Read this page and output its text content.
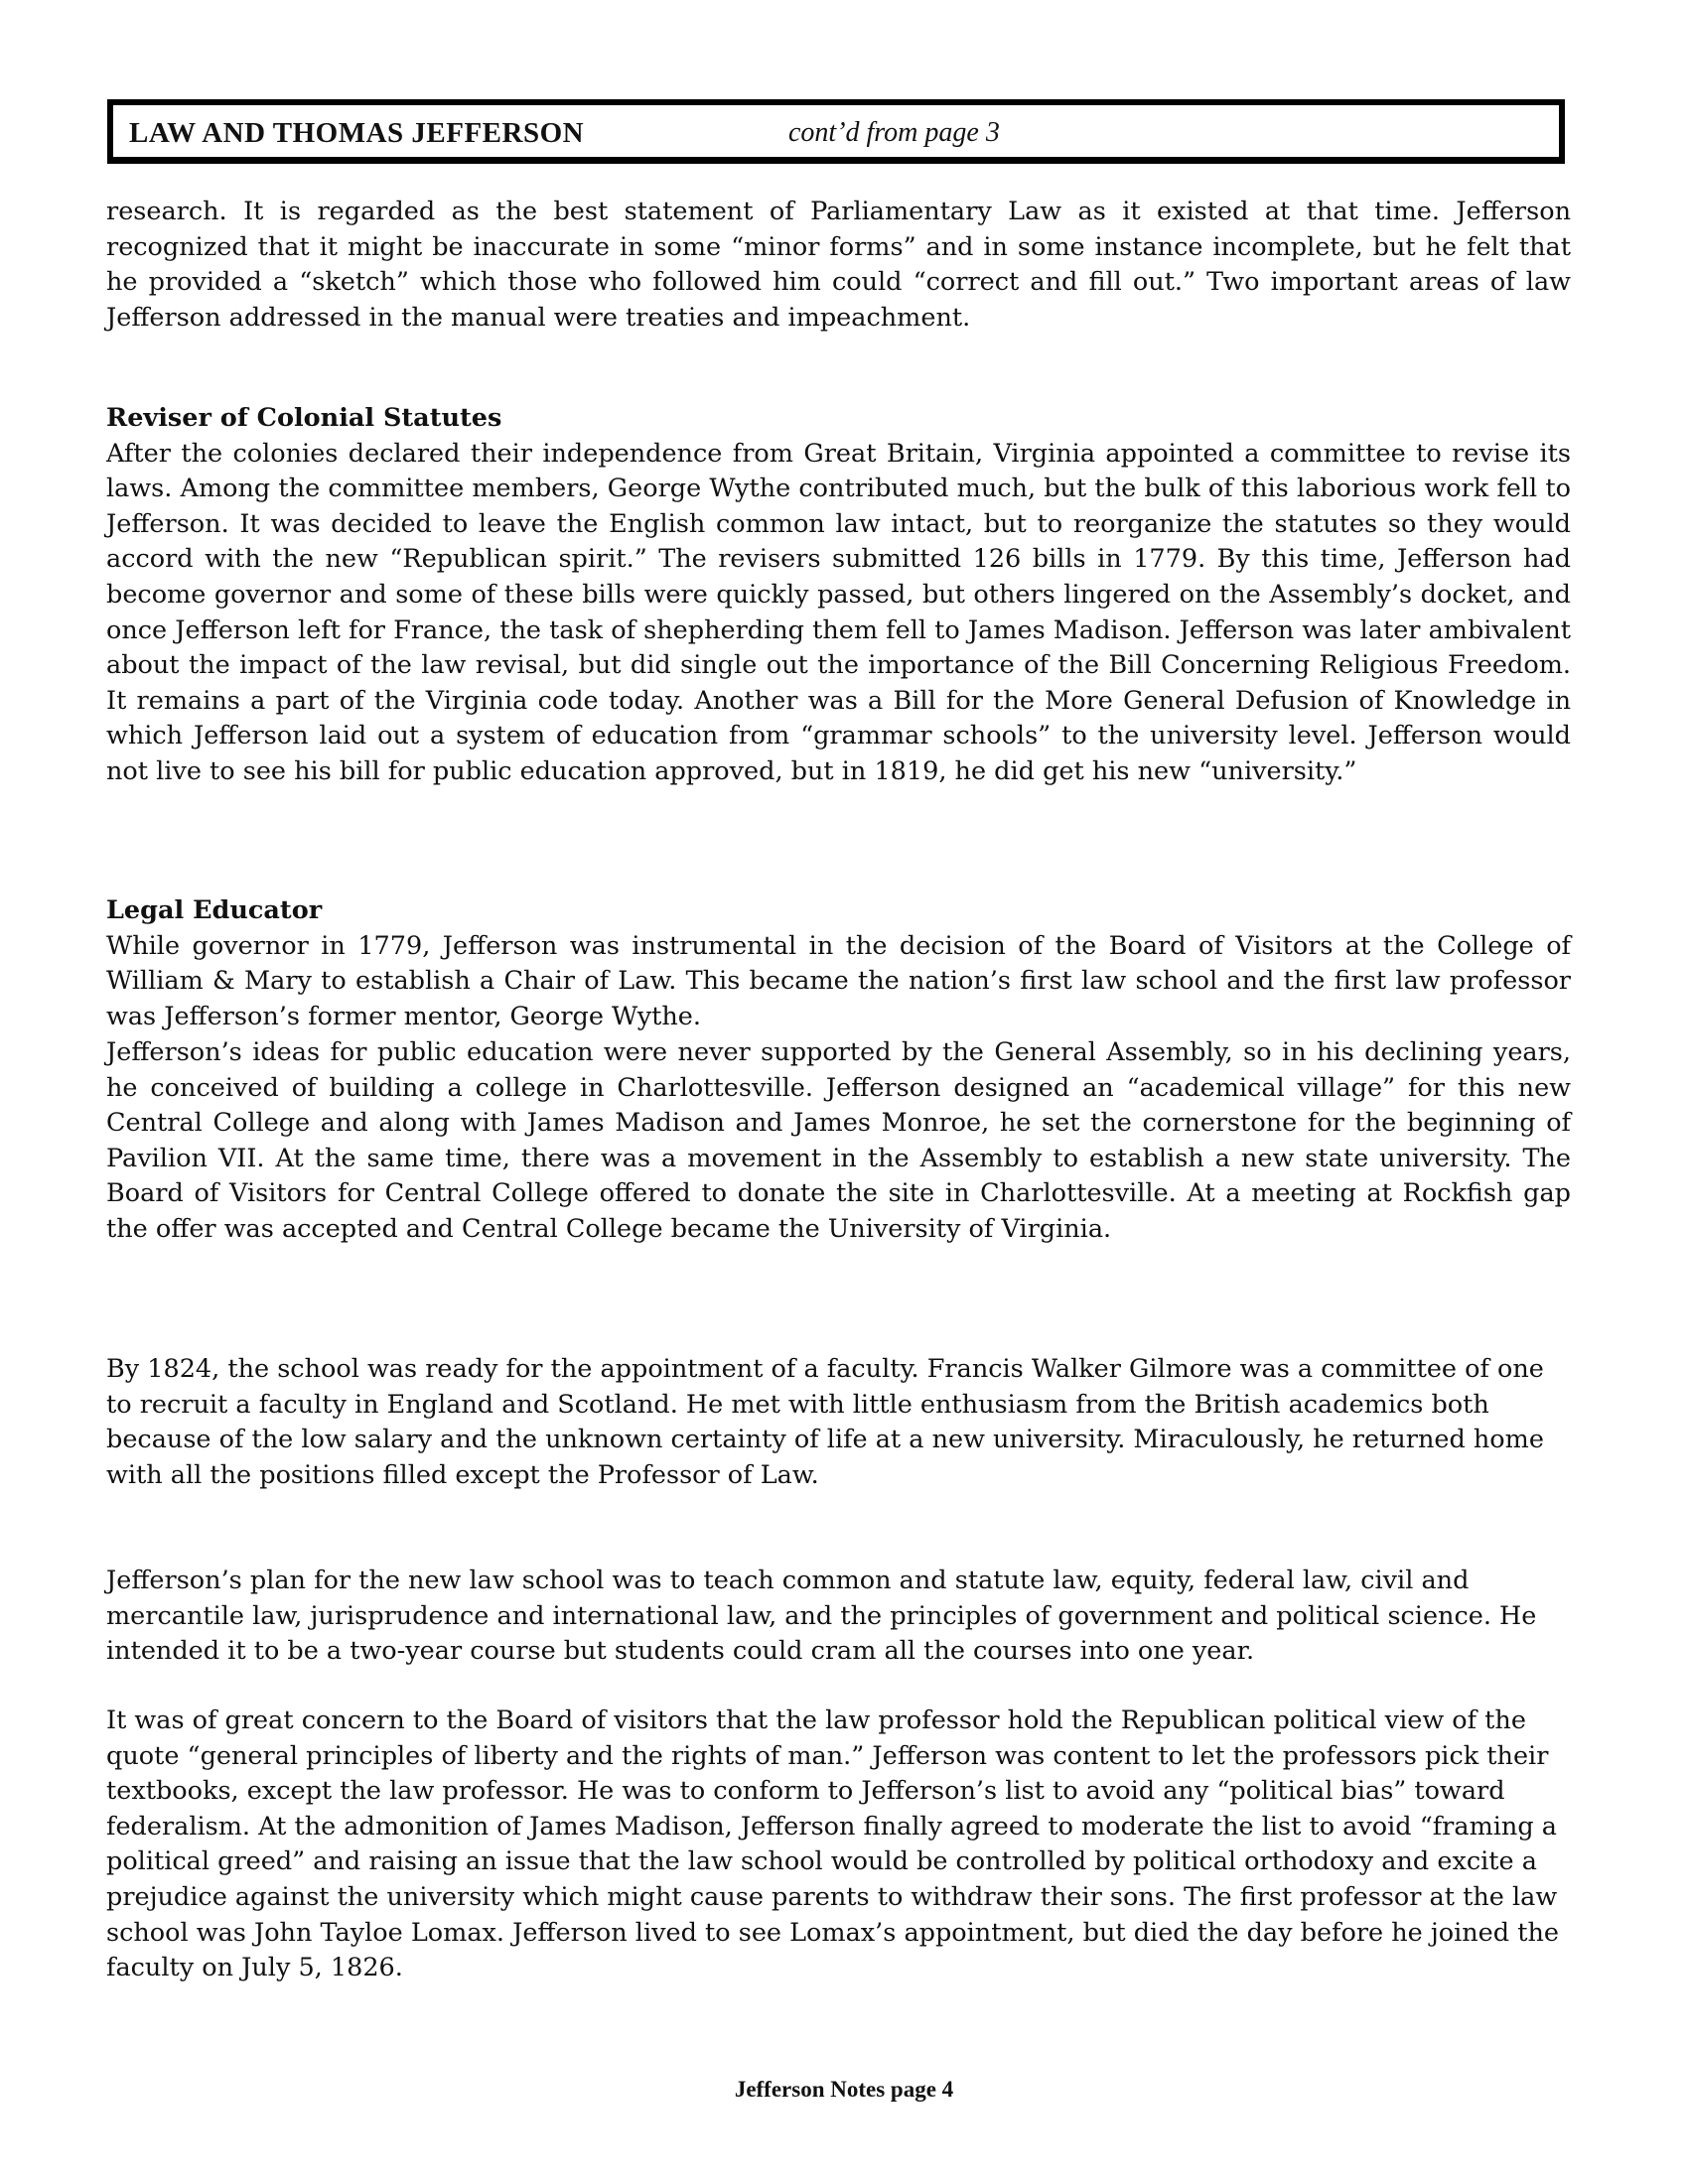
LAW AND THOMAS JEFFERSON	cont’d from page 3

research. It is regarded as the best statement of Parliamentary Law as it existed at that time. Jefferson recognized that it might be inaccurate in some “minor forms” and in some instance incomplete, but he felt that he provided a “sketch” which those who followed him could “correct and fill out.” Two important areas of law Jefferson addressed in the manual were treaties and impeachment.

Reviser of Colonial Statutes
After the colonies declared their independence from Great Britain, Virginia appointed a committee to revise its laws. Among the committee members, George Wythe contributed much, but the bulk of this laborious work fell to Jefferson. It was decided to leave the English common law intact, but to reorganize the statutes so they would accord with the new “Republican spirit.” The revisers submitted 126 bills in 1779. By this time, Jefferson had become governor and some of these bills were quickly passed, but others lingered on the Assembly’s docket, and once Jefferson left for France, the task of shepherding them fell to James Madison. Jefferson was later ambivalent about the impact of the law revisal, but did single out the importance of the Bill Concerning Religious Freedom. It remains a part of the Virginia code today. Another was a Bill for the More General Defusion of Knowledge in which Jefferson laid out a system of education from “grammar schools” to the university level. Jefferson would not live to see his bill for public education approved, but in 1819, he did get his new “university.”
Legal Educator
While governor in 1779, Jefferson was instrumental in the decision of the Board of Visitors at the College of William & Mary to establish a Chair of Law. This became the nation’s first law school and the first law professor was Jefferson’s former mentor, George Wythe.

Jefferson’s ideas for public education were never supported by the General Assembly, so in his declining years, he conceived of building a college in Charlottesville. Jefferson designed an “academical village” for this new Central College and along with James Madison and James Monroe, he set the cornerstone for the beginning of Pavilion VII. At the same time, there was a movement in the Assembly to establish a new state university. The Board of Visitors for Central College offered to donate the site in Charlottesville. At a meeting at Rockfish gap the offer was accepted and Central College became the University of Virginia.

By 1824, the school was ready for the appointment of a faculty. Francis Walker Gilmore was a committee of one to recruit a faculty in England and Scotland. He met with little enthusiasm from the British academics both because of the low salary and the unknown certainty of life at a new university. Miraculously, he returned home with all the positions filled except the Professor of Law.

Jefferson’s plan for the new law school was to teach common and statute law, equity, federal law, civil and mercantile law, jurisprudence and international law, and the principles of government and political science. He intended it to be a two-year course but students could cram all the courses into one year.

It was of great concern to the Board of visitors that the law professor hold the Republican political view of the quote “general principles of liberty and the rights of man.” Jefferson was content to let the professors pick their textbooks, except the law professor. He was to conform to Jefferson’s list to avoid any “political bias” toward federalism. At the admonition of James Madison, Jefferson finally agreed to moderate the list to avoid “framing a political greed” and raising an issue that the law school would be controlled by political orthodoxy and excite a prejudice against the university which might cause parents to withdraw their sons. The first professor at the law school was John Tayloe Lomax. Jefferson lived to see Lomax’s appointment, but died the day before he joined the faculty on July 5, 1826.

Jefferson Notes page 4
